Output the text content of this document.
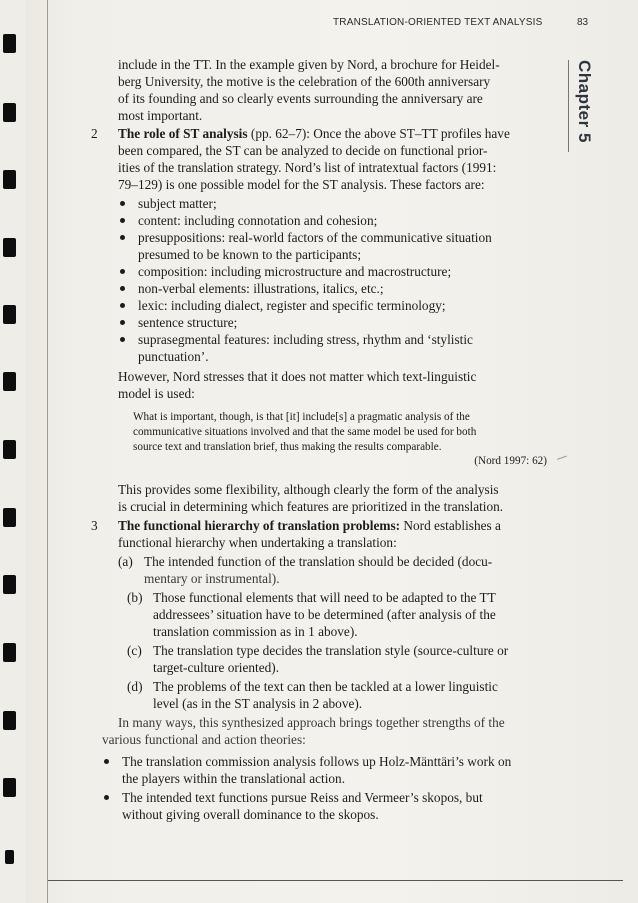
TRANSLATION-ORIENTED TEXT ANALYSIS	83
Chapter 5
include in the TT. In the example given by Nord, a brochure for Heidel-
berg University, the motive is the celebration of the 600th anniversary
of its founding and so clearly events surrounding the anniversary are
most important.
2 The role of ST analysis (pp. 62–7): Once the above ST–TT profiles have
been compared, the ST can be analyzed to decide on functional prior-
ities of the translation strategy. Nord’s list of intratextual factors (1991:
79–129) is one possible model for the ST analysis. These factors are:
subject matter;
content: including connotation and cohesion;
presuppositions: real-world factors of the communicative situation
presumed to be known to the participants;
composition: including microstructure and macrostructure;
non-verbal elements: illustrations, italics, etc.;
lexic: including dialect, register and specific terminology;
sentence structure;
suprasegmental features: including stress, rhythm and ‘stylistic
punctuation’.
However, Nord stresses that it does not matter which text-linguistic
model is used:
What is important, though, is that [it] include[s] a pragmatic analysis of the
communicative situations involved and that the same model be used for both
source text and translation brief, thus making the results comparable.
(Nord 1997: 62)
This provides some flexibility, although clearly the form of the analysis
is crucial in determining which features are prioritized in the translation.
3 The functional hierarchy of translation problems: Nord establishes a
functional hierarchy when undertaking a translation:
(a) The intended function of the translation should be decided (docu-
mentary or instrumental).
(b) Those functional elements that will need to be adapted to the TT
addressees’ situation have to be determined (after analysis of the
translation commission as in 1 above).
(c) The translation type decides the translation style (source-culture or
target-culture oriented).
(d) The problems of the text can then be tackled at a lower linguistic
level (as in the ST analysis in 2 above).
In many ways, this synthesized approach brings together strengths of the
various functional and action theories:
The translation commission analysis follows up Holz-Mänttäri’s work on
the players within the translational action.
The intended text functions pursue Reiss and Vermeer’s skopos, but
without giving overall dominance to the skopos.
